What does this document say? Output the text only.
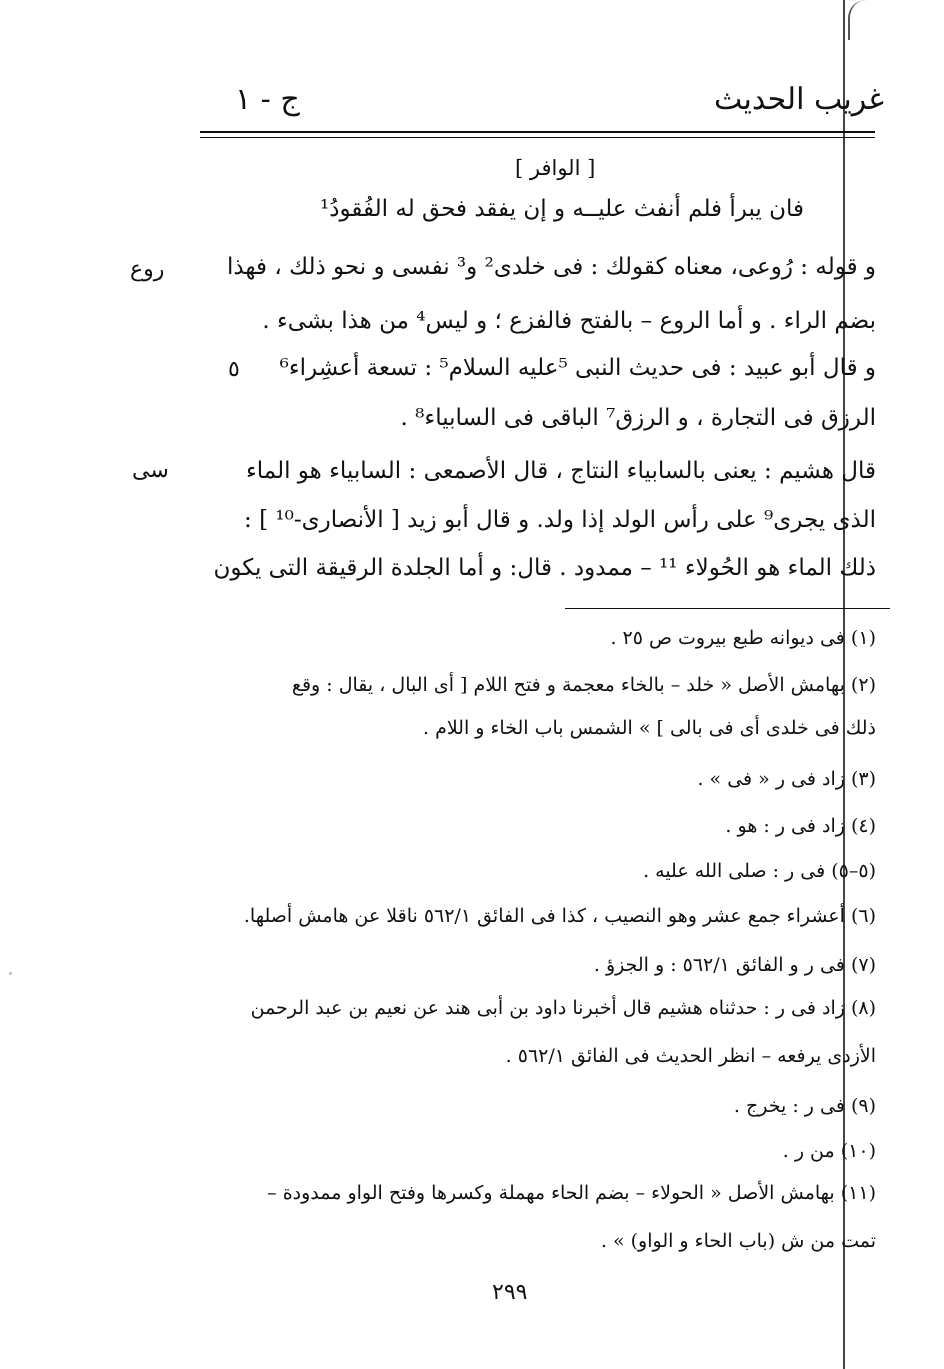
غريب الحديث
ج - ١
[ الوافر ]
فان يبرأ فلم أنفث عليــه و إن يفقد فحق له الفُقودُ¹
و قوله : رُوعى، معناه كقولك : فى خلدى² و³ نفسى و نحو ذلك ، فهذا
بضم الراء . و أما الروع – بالفتح فالفزع ؛ و ليس⁴ من هذا بشىء .
و قال أبو عبيد : فى حديث النبى ⁵عليه السلام⁵ : تسعة أعشِراء⁶
الرزق فى التجارة ، و الرزق⁷ الباقى فى السابياء⁸ .
قال هشيم : يعنى بالسابياء النتاج ، قال الأصمعى : السابياء هو الماء
الذى يجرى⁹ على رأس الولد إذا ولد. و قال أبو زيد [ الأنصارى-¹⁰ ] :
ذلك الماء هو الحُولاء ¹¹ – ممدود . قال: و أما الجلدة الرقيقة التى يكون
روع
٥
سى
(١) فى ديوانه طبع بيروت ص ٢٥ .
(٢) بهامش الأصل « خلد – بالخاء معجمة و فتح اللام [ أى البال ، يقال : وقع
ذلك فى خلدى أى فى بالى ] » الشمس باب الخاء و اللام .
(٣) زاد فى ر « فى » .
(٤) زاد فى ر : هو .
(٥–٥) فى ر : صلى الله عليه .
(٦) أعشراء جمع عشر وهو النصيب ، كذا فى الفائق ٥٦٢/١ ناقلا عن هامش أصلها.
(٧) فى ر و الفائق ٥٦٢/١ : و الجزؤ .
(٨) زاد فى ر : حدثناه هشيم قال أخبرنا داود بن أبى هند عن نعيم بن عبد الرحمن
الأزدى يرفعه – انظر الحديث فى الفائق ٥٦٢/١ .
(٩) فى ر : يخرج .
(١٠) من ر .
(١١) بهامش الأصل « الحولاء – بضم الحاء مهملة وكسرها وفتح الواو ممدودة –
تمت من ش (باب الحاء و الواو) » .
٢٩٩
